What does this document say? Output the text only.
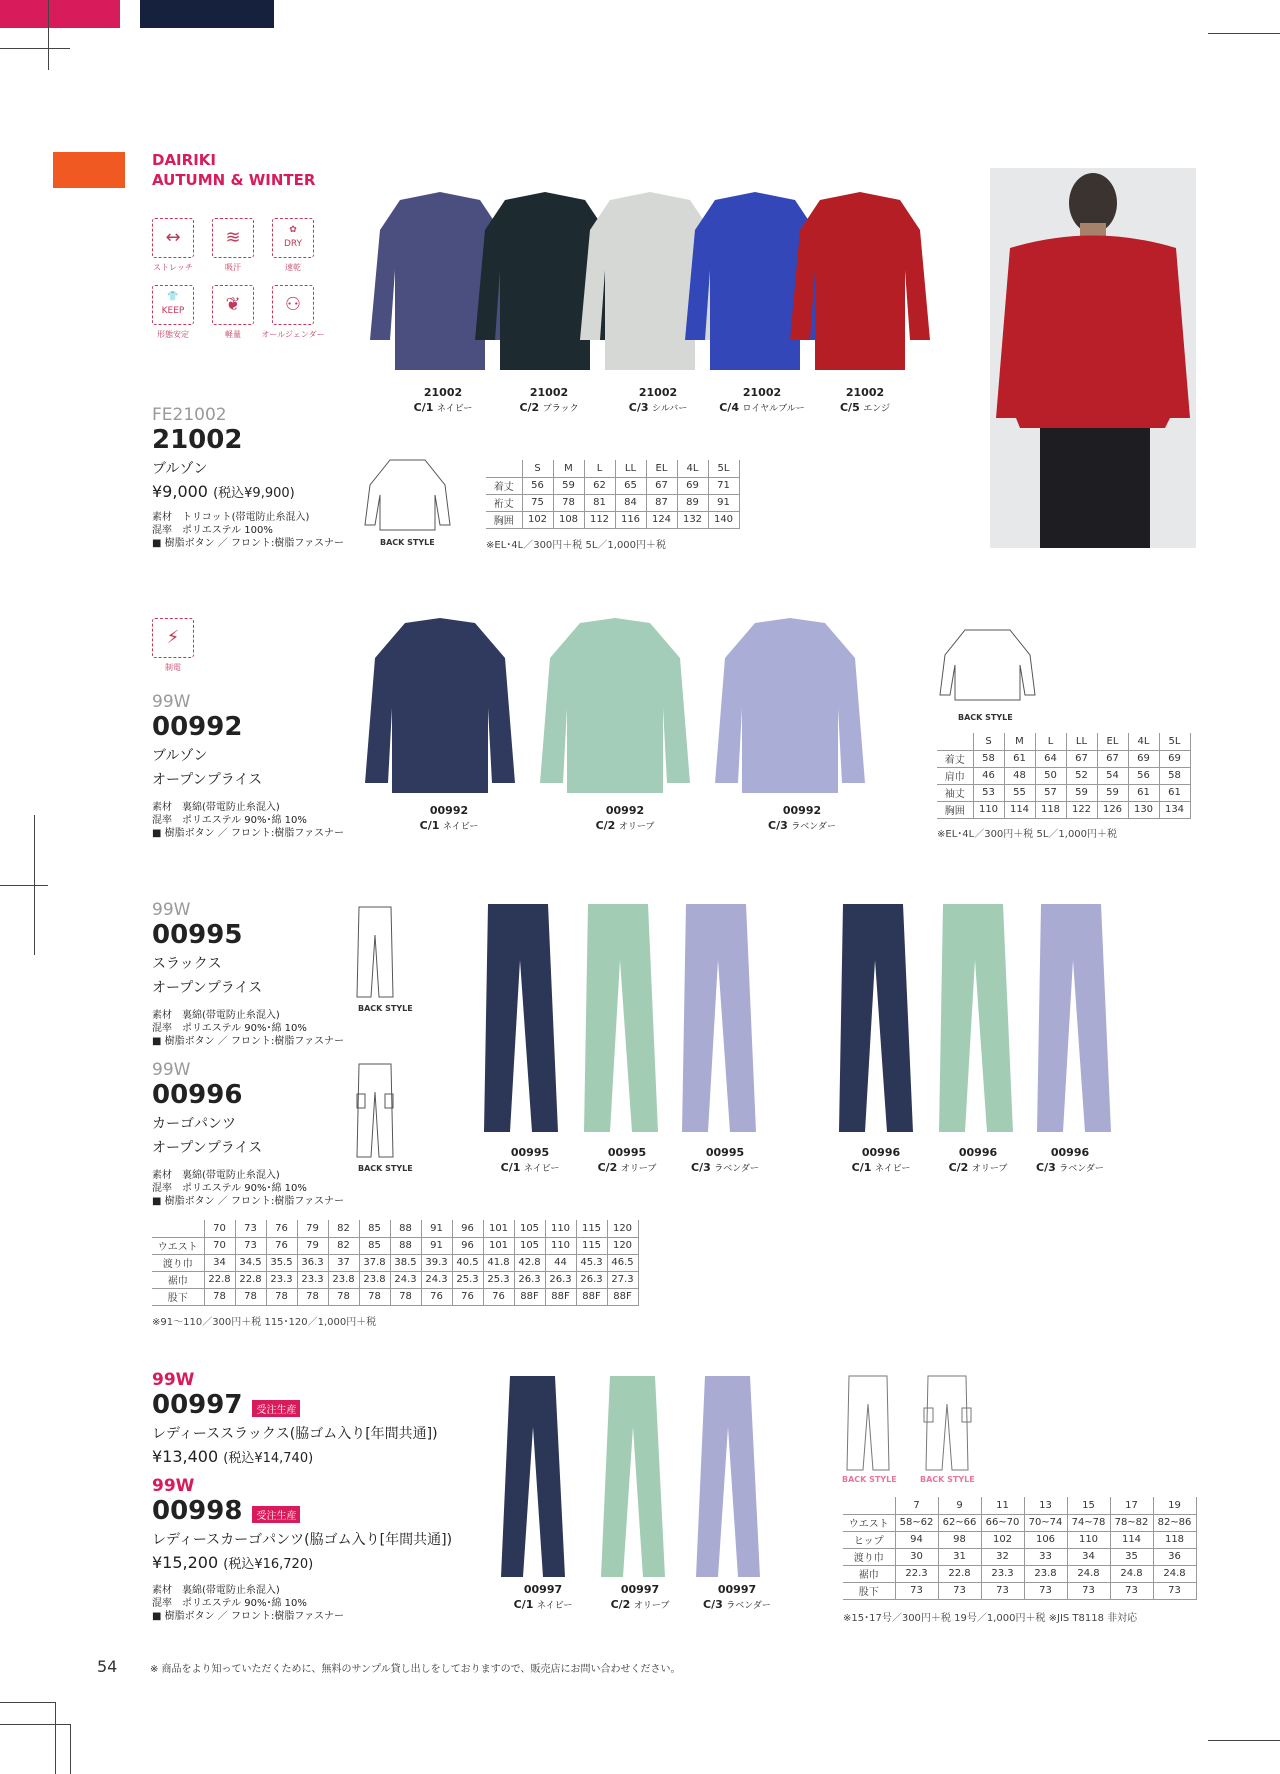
DAIRIKI
AUTUMN & WINTER
↔
ストレッチ
≋
吸汗
✿
DRY
速乾
👕
KEEP
形態安定
❦
軽量
⚇
オールジェンダー
21002
C/1 ネイビー
21002
C/2 ブラック
21002
C/3 シルバー
21002
C/4 ロイヤルブルー
21002
C/5 エンジ
FE21002
21002
ブルゾン
¥9,000 (税込¥9,900)
素材　トリコット(帯電防止糸混入)
混率　ポリエステル 100%
■ 樹脂ボタン ／ フロント:樹脂ファスナー	BACK STYLE
	S	M	L	LL	EL	4L	5L
着丈	56	59	62	65	67	69	71
裄丈	75	78	81	84	87	89	91
胸囲	102	108	112	116	124	132	140
※EL･4L／300円＋税 5L／1,000円＋税
⚡
制電
99W
00992
ブルゾン
オープンプライス
素材　裏綿(帯電防止糸混入)
混率　ポリエステル 90%･綿 10%
■ 樹脂ボタン ／ フロント:樹脂ファスナー
00992
C/1 ネイビー
00992
C/2 オリーブ
00992
C/3 ラベンダー
BACK STYLE
	S	M	L	LL	EL	4L	5L
着丈	58	61	64	67	67	69	69
肩巾	46	48	50	52	54	56	58
袖丈	53	55	57	59	59	61	61
胸囲	110	114	118	122	126	130	134
※EL･4L／300円＋税 5L／1,000円＋税
99W
00995
スラックス
オープンプライス
素材　裏綿(帯電防止糸混入)
混率　ポリエステル 90%･綿 10%
■ 樹脂ボタン ／ フロント:樹脂ファスナー
99W
00996
カーゴパンツ
オープンプライス
素材　裏綿(帯電防止糸混入)
混率　ポリエステル 90%･綿 10%
■ 樹脂ボタン ／ フロント:樹脂ファスナー
BACK STYLE
BACK STYLE
00995
C/1 ネイビー
00995
C/2 オリーブ
00995
C/3 ラベンダー
00996
C/1 ネイビー
00996
C/2 オリーブ
00996
C/3 ラベンダー
	70	73	76	79	82	85	88	91	96	101	105	110	115	120
ウエスト	70	73	76	79	82	85	88	91	96	101	105	110	115	120
渡り巾	34	34.5	35.5	36.3	37	37.8	38.5	39.3	40.5	41.8	42.8	44	45.3	46.5
裾巾	22.8	22.8	23.3	23.3	23.8	23.8	24.3	24.3	25.3	25.3	26.3	26.3	26.3	27.3
股下	78	78	78	78	78	78	78	76	76	76	88F	88F	88F	88F
※91～110／300円＋税 115･120／1,000円＋税
99W
00997 受注生産
レディーススラックス(脇ゴム入り[年間共通])
¥13,400 (税込¥14,740)
99W
00998 受注生産
レディースカーゴパンツ(脇ゴム入り[年間共通])
¥15,200 (税込¥16,720)
素材　裏綿(帯電防止糸混入)
混率　ポリエステル 90%･綿 10%
■ 樹脂ボタン ／ フロント:樹脂ファスナー
00997
C/1 ネイビー
00997
C/2 オリーブ
00997
C/3 ラベンダー
BACK STYLE	BACK STYLE
	7	9	11	13	15	17	19
ウエスト	58~62	62~66	66~70	70~74	74~78	78~82	82~86
ヒップ	94	98	102	106	110	114	118
渡り巾	30	31	32	33	34	35	36
裾巾	22.3	22.8	23.3	23.8	24.8	24.8	24.8
股下	73	73	73	73	73	73	73
※15･17号／300円＋税 19号／1,000円＋税 ※JIS T8118 非対応
54	※ 商品をより知っていただくために、無料のサンプル貸し出しをしておりますので、販売店にお問い合わせください。
